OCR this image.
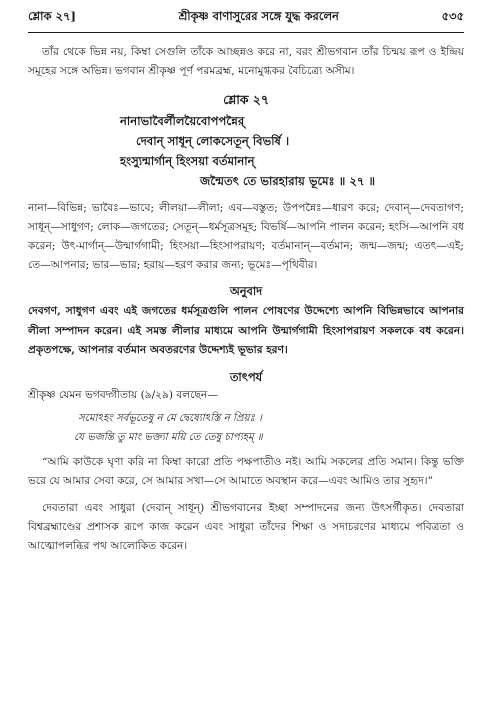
শ্লোক ২৭]	শ্রীকৃষ্ণ বাণাসুরের সঙ্গে যুদ্ধ করলেন	৫৩৫

তাঁর থেকে ভিন্ন নয়, কিম্বা সেগুলি তাঁকে আচ্ছন্নও করে না, বরং শ্রীভগবান তাঁর চিন্ময় রূপ ও ইন্দ্রিয় সমূহের সঙ্গে অভিন্ন। ভগবান শ্রীকৃষ্ণ পূর্ণ পরমব্রহ্ম, মনোমুগ্ধকর বৈচিত্র্যে অসীম।

শ্লোক ২৭
নানাভাবৈর্লীলয়ৈবোপপন্নৈর্
দেবান্ সাধূন্ লোকসেতূন্ বিভর্ষি ।
হংস্যুন্মার্গান্ হিংসয়া বর্তমানান্
জন্মৈতৎ তে ভারহারায় ভূমেঃ ॥ ২৭ ॥

নানা—বিভিন্ন; ভাবৈঃ—ভাবে; লীলয়া—লীলা; এব—বস্তুত; উপপন্নৈঃ—ধারণ করে; দেবান্—দেবতাগণ; সাধূন্—সাধুগণ; লোক—জগতের; সেতূন্—ধর্মসূত্রসমূহ; বিভর্ষি—আপনি পালন করেন; হংসি—আপনি বধ করেন; উৎ-মার্গান্—উন্মার্গগামী; হিংসয়া—হিংসাপরায়ণ; বর্তমানান্—বর্তমান; জন্ম—জন্ম; এতৎ—এই; তে—আপনার; ভার—ভার; হরায়—হরণ করার জন্য; ভূমেঃ—পৃথিবীর।

অনুবাদ

দেবগণ, সাধুগণ এবং এই জগতের ধর্মসূত্রগুলি পালন পোষণের উদ্দেশ্যে আপনি বিভিন্নভাবে আপনার লীলা সম্পাদন করেন। এই সমস্ত লীলার মাধ্যমে আপনি উন্মার্গগামী হিংসাপরায়ণ সকলকে বধ করেন। প্রকৃতপক্ষে, আপনার বর্তমান অবতরণের উদ্দেশ্যই ভূভার হরণ।

তাৎপর্য

শ্রীকৃষ্ণ যেমন ভগবদ্গীতায় (৯/২৯) বলছেন—

সমোঽহং সর্বভূতেষু ন মে দ্বেষ্যোঽস্তি ন প্রিয়ঃ ।
যে ভজন্তি তু মাং ভক্ত্যা ময়ি তে তেষু চাপ্যহম্ ॥

“আমি কাউকে ঘৃণা করি না কিম্বা কারো প্রতি পক্ষপাতীও নই। আমি সকলের প্রতি সমান। কিন্তু ভক্তি ভরে যে আমার সেবা করে, সে আমার সখা—সে আমাতে অবস্থান করে—এবং আমিও তার সুহৃদ।”

দেবতারা এবং সাধুরা (দেবান্ সাধূন্) শ্রীভগবানের ইচ্ছা সম্পাদনের জন্য উৎসর্গীকৃত। দেবতারা বিশ্বব্রহ্মাণ্ডের প্রশাসক রূপে কাজ করেন এবং সাধুরা তাঁদের শিক্ষা ও সদাচরণের মাধ্যমে পবিত্রতা ও আত্মোপলব্ধির পথ আলোকিত করেন।
